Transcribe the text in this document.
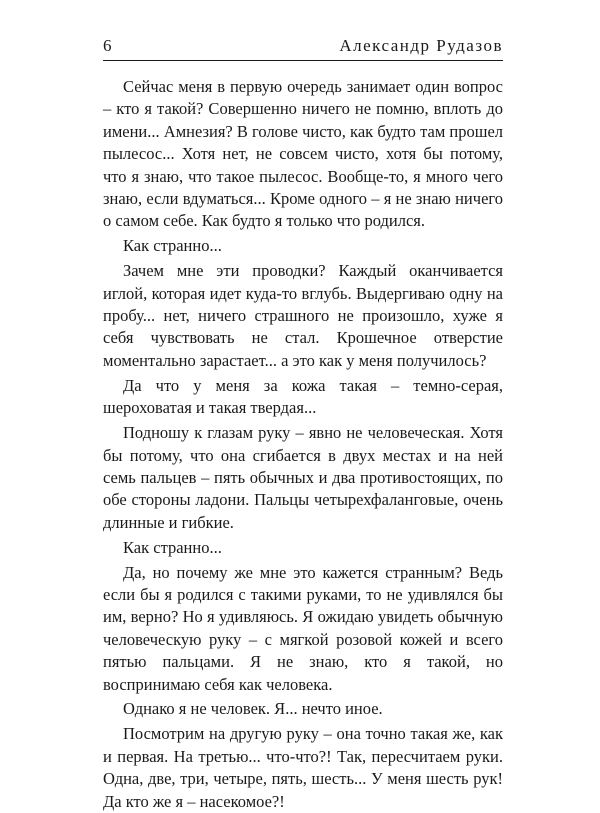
6	Александр Рудазов

Сейчас меня в первую очередь занимает один вопрос – кто я такой? Совершенно ничего не помню, вплоть до имени... Амнезия? В голове чисто, как будто там прошел пылесос... Хотя нет, не совсем чисто, хотя бы потому, что я знаю, что такое пылесос. Вообще-то, я много чего знаю, если вдуматься... Кроме одного – я не знаю ничего о самом себе. Как будто я только что родился.

Как странно...

Зачем мне эти проводки? Каждый оканчивается иглой, которая идет куда-то вглубь. Выдергиваю одну на пробу... нет, ничего страшного не произошло, хуже я себя чувствовать не стал. Крошечное отверстие моментально зарастает... а это как у меня получилось?

Да что у меня за кожа такая – темно-серая, шероховатая и такая твердая...

Подношу к глазам руку – явно не человеческая. Хотя бы потому, что она сгибается в двух местах и на ней семь пальцев – пять обычных и два противостоящих, по обе стороны ладони. Пальцы четырехфаланговые, очень длинные и гибкие.

Как странно...

Да, но почему же мне это кажется странным? Ведь если бы я родился с такими руками, то не удивлялся бы им, верно? Но я удивляюсь. Я ожидаю увидеть обычную человеческую руку – с мягкой розовой кожей и всего пятью пальцами. Я не знаю, кто я такой, но воспринимаю себя как человека.

Однако я не человек. Я... нечто иное.

Посмотрим на другую руку – она точно такая же, как и первая. На третью... что-что?! Так, пересчитаем руки. Одна, две, три, четыре, пять, шесть... У меня шесть рук! Да кто же я – насекомое?!
